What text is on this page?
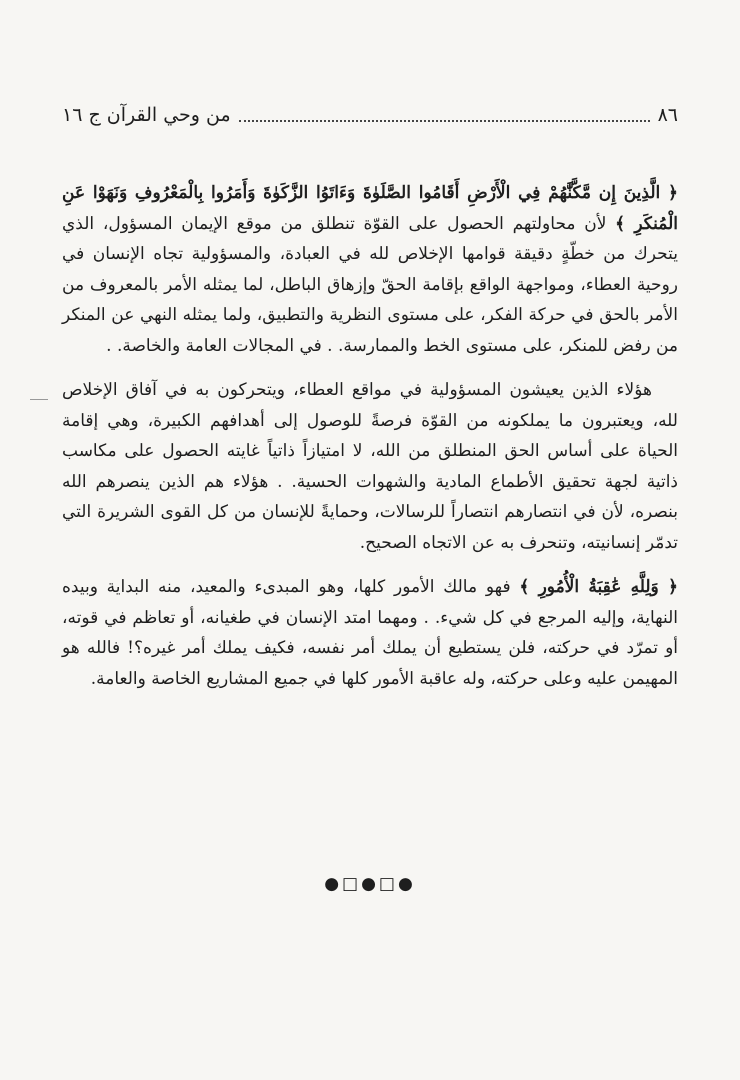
٨٦
من وحي القرآن ج ١٦

﴿ الَّذِينَ إِن مَّكَّنَّٰهُمْ فِي الْأَرْضِ أَقَامُوا الصَّلَوٰةَ وَءَاتَوُا الزَّكَوٰةَ وَأَمَرُوا بِالْمَعْرُوفِ وَنَهَوْا عَنِ الْمُنكَرِ ﴾ لأن محاولتهم الحصول على القوّة تنطلق من موقع الإيمان المسؤول، الذي يتحرك من خطّةٍ دقيقة قوامها الإخلاص لله في العبادة، والمسؤولية تجاه الإنسان في روحية العطاء، ومواجهة الواقع بإقامة الحقّ وإزهاق الباطل، لما يمثله الأمر بالمعروف من الأمر بالحق في حركة الفكر، على مستوى النظرية والتطبيق، ولما يمثله النهي عن المنكر من رفض للمنكر، على مستوى الخط والممارسة. . في المجالات العامة والخاصة. .

هؤلاء الذين يعيشون المسؤولية في مواقع العطاء، ويتحركون به في آفاق الإخلاص لله، ويعتبرون ما يملكونه من القوّة فرصةً للوصول إلى أهدافهم الكبيرة، وهي إقامة الحياة على أساس الحق المنطلق من الله، لا امتيازاً ذاتياً غايته الحصول على مكاسب ذاتية لجهة تحقيق الأطماع المادية والشهوات الحسية. . هؤلاء هم الذين ينصرهم الله بنصره، لأن في انتصارهم انتصاراً للرسالات، وحمايةً للإنسان من كل القوى الشريرة التي تدمّر إنسانيته، وتنحرف به عن الاتجاه الصحيح.

﴿ وَلِلَّهِ عَٰقِبَةُ الْأُمُورِ ﴾ فهو مالك الأمور كلها، وهو المبدىء والمعيد، منه البداية وبيده النهاية، وإليه المرجع في كل شيء. . ومهما امتد الإنسان في طغيانه، أو تعاظم في قوته، أو تمرّد في حركته، فلن يستطيع أن يملك أمر نفسه، فكيف يملك أمر غيره؟! فالله هو المهيمن عليه وعلى حركته، وله عاقبة الأمور كلها في جميع المشاريع الخاصة والعامة.

●□●□●
